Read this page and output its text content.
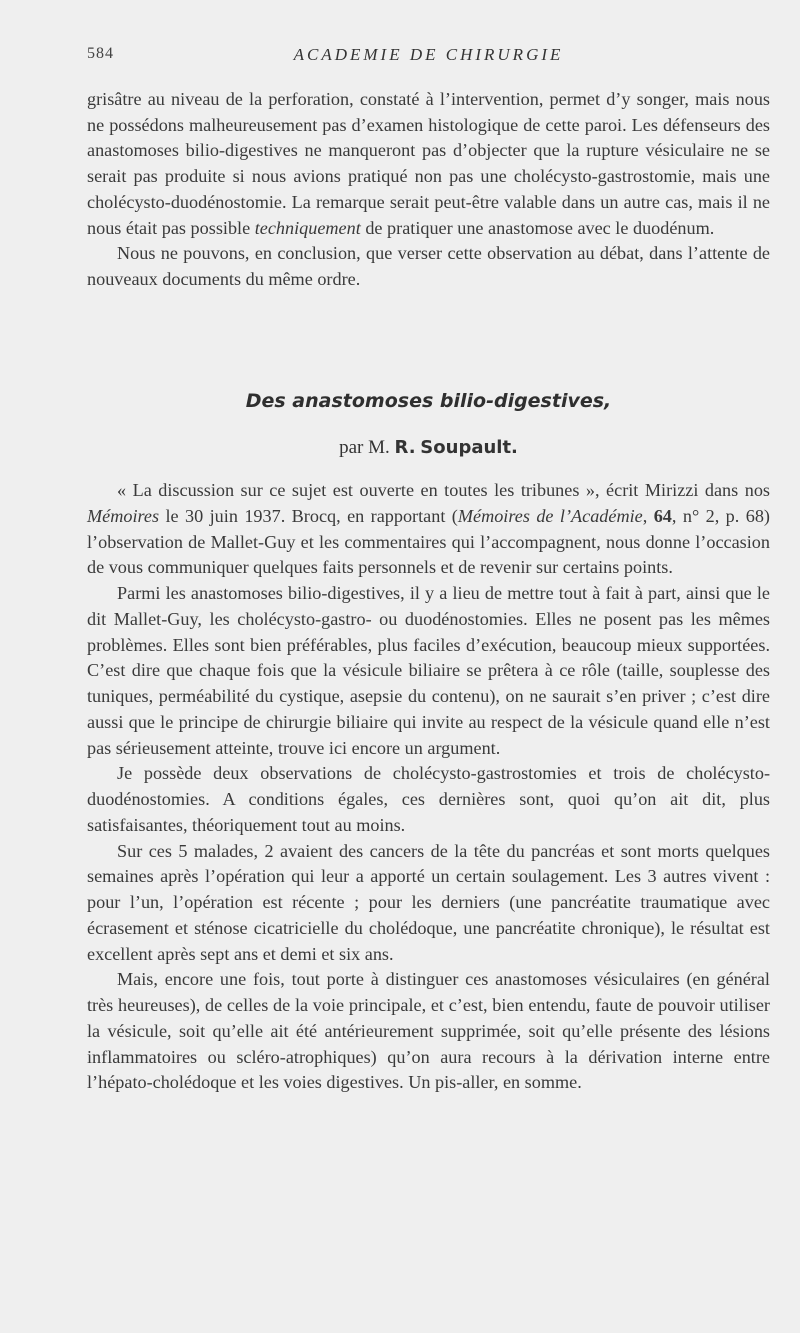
584	ACADEMIE DE CHIRURGIE

grisâtre au niveau de la perforation, constaté à l’intervention, permet d’y songer, mais nous ne possédons malheureusement pas d’examen histologique de cette paroi. Les défenseurs des anastomoses bilio-digestives ne manqueront pas d’objecter que la rupture vésiculaire ne se serait pas produite si nous avions pratiqué non pas une cholécysto-gastrostomie, mais une cholécysto-duodénostomie. La remarque serait peut-être valable dans un autre cas, mais il ne nous était pas possible techniquement de pratiquer une anastomose avec le duodénum.

Nous ne pouvons, en conclusion, que verser cette observation au débat, dans l’attente de nouveaux documents du même ordre.

Des anastomoses bilio-digestives,
par M. R. Soupault.

« La discussion sur ce sujet est ouverte en toutes les tribunes », écrit Mirizzi dans nos Mémoires le 30 juin 1937. Brocq, en rapportant (Mémoires de l’Académie, 64, n° 2, p. 68) l’observation de Mallet-Guy et les commentaires qui l’accompagnent, nous donne l’occasion de vous communiquer quelques faits personnels et de revenir sur certains points.

Parmi les anastomoses bilio-digestives, il y a lieu de mettre tout à fait à part, ainsi que le dit Mallet-Guy, les cholécysto-gastro- ou duodénostomies. Elles ne posent pas les mêmes problèmes. Elles sont bien préférables, plus faciles d’exécution, beaucoup mieux supportées. C’est dire que chaque fois que la vésicule biliaire se prêtera à ce rôle (taille, souplesse des tuniques, perméabilité du cystique, asepsie du contenu), on ne saurait s’en priver ; c’est dire aussi que le principe de chirurgie biliaire qui invite au respect de la vésicule quand elle n’est pas sérieusement atteinte, trouve ici encore un argument.

Je possède deux observations de cholécysto-gastrostomies et trois de cholécysto-duodénostomies. A conditions égales, ces dernières sont, quoi qu’on ait dit, plus satisfaisantes, théoriquement tout au moins.

Sur ces 5 malades, 2 avaient des cancers de la tête du pancréas et sont morts quelques semaines après l’opération qui leur a apporté un certain soulagement. Les 3 autres vivent : pour l’un, l’opération est récente ; pour les derniers (une pancréatite traumatique avec écrasement et sténose cicatricielle du cholédoque, une pancréatite chronique), le résultat est excellent après sept ans et demi et six ans.

Mais, encore une fois, tout porte à distinguer ces anastomoses vésiculaires (en général très heureuses), de celles de la voie principale, et c’est, bien entendu, faute de pouvoir utiliser la vésicule, soit qu’elle ait été antérieurement supprimée, soit qu’elle présente des lésions inflammatoires ou scléro-atrophiques) qu’on aura recours à la dérivation interne entre l’hépato-cholédoque et les voies digestives. Un pis-aller, en somme.
